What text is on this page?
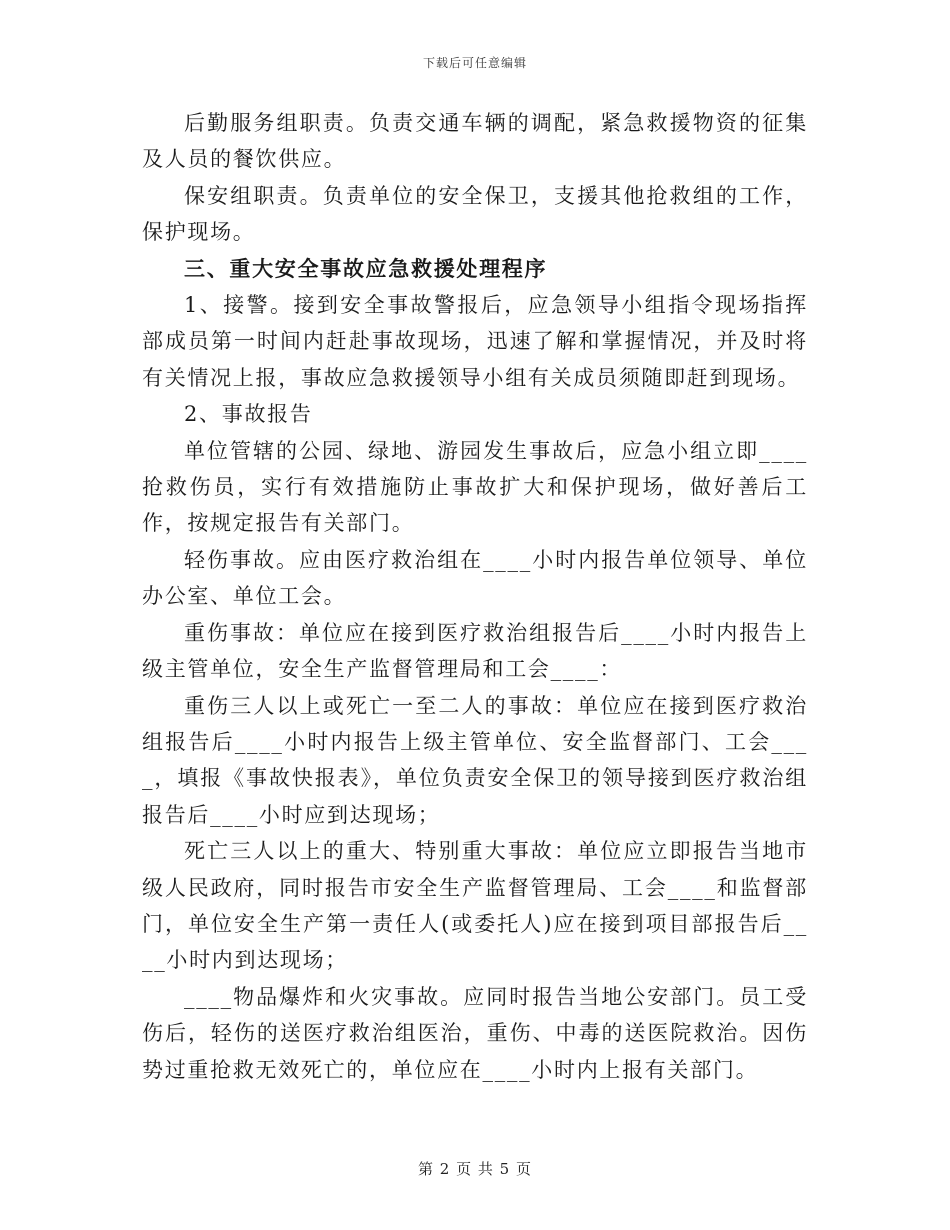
下载后可任意编辑

后勤服务组职责。负责交通车辆的调配，紧急救援物资的征集及人员的餐饮供应。

保安组职责。负责单位的安全保卫，支援其他抢救组的工作，保护现场。

三、重大安全事故应急救援处理程序

1、接警。接到安全事故警报后，应急领导小组指令现场指挥部成员第一时间内赶赴事故现场，迅速了解和掌握情况，并及时将有关情况上报，事故应急救援领导小组有关成员须随即赶到现场。

2、事故报告

单位管辖的公园、绿地、游园发生事故后，应急小组立即____抢救伤员，实行有效措施防止事故扩大和保护现场，做好善后工作，按规定报告有关部门。

轻伤事故。应由医疗救治组在____小时内报告单位领导、单位办公室、单位工会。

重伤事故：单位应在接到医疗救治组报告后____小时内报告上级主管单位，安全生产监督管理局和工会____：

重伤三人以上或死亡一至二人的事故：单位应在接到医疗救治组报告后____小时内报告上级主管单位、安全监督部门、工会____，填报《事故快报表》，单位负责安全保卫的领导接到医疗救治组报告后____小时应到达现场；

死亡三人以上的重大、特别重大事故：单位应立即报告当地市级人民政府，同时报告市安全生产监督管理局、工会____和监督部门，单位安全生产第一责任人(或委托人)应在接到项目部报告后____小时内到达现场；

____物品爆炸和火灾事故。应同时报告当地公安部门。员工受伤后，轻伤的送医疗救治组医治，重伤、中毒的送医院救治。因伤势过重抢救无效死亡的，单位应在____小时内上报有关部门。

第 2 页 共 5 页
